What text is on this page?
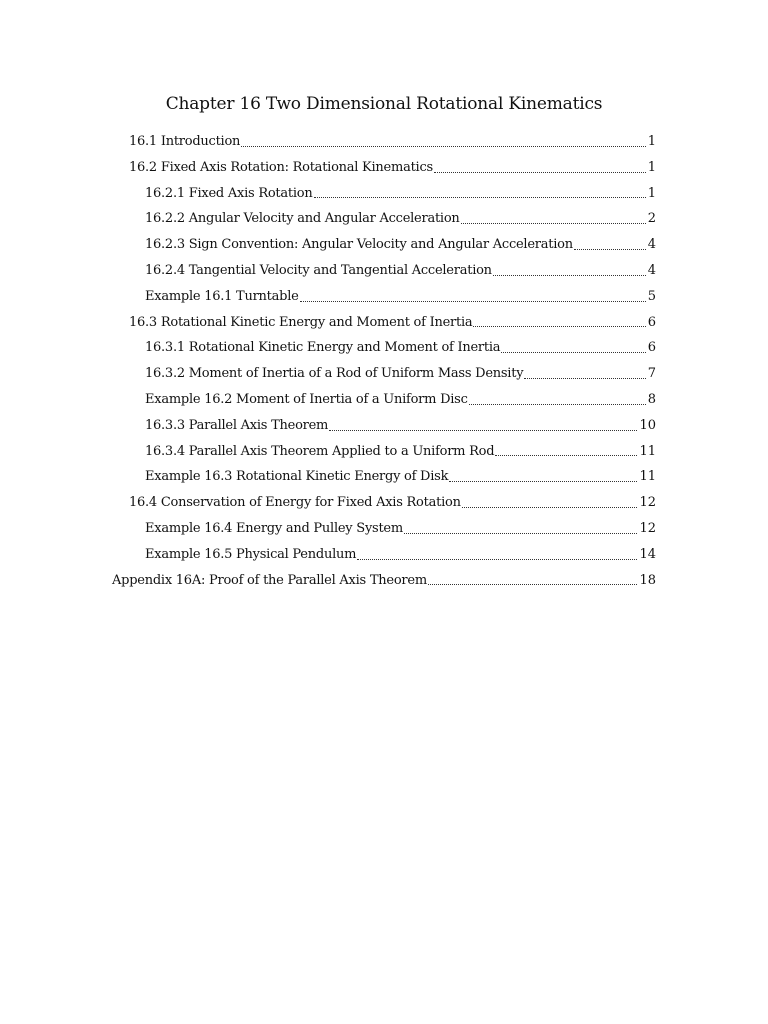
Chapter 16 Two Dimensional Rotational Kinematics
16.1 Introduction	1
16.2 Fixed Axis Rotation: Rotational Kinematics	1
16.2.1 Fixed Axis Rotation	1
16.2.2 Angular Velocity and Angular Acceleration	2
16.2.3 Sign Convention: Angular Velocity and Angular Acceleration	4
16.2.4 Tangential Velocity and Tangential Acceleration	4
Example 16.1 Turntable	5
16.3 Rotational Kinetic Energy and Moment of Inertia	6
16.3.1 Rotational Kinetic Energy and Moment of Inertia	6
16.3.2 Moment of Inertia of a Rod of Uniform Mass Density	7
Example 16.2 Moment of Inertia of a Uniform Disc	8
16.3.3 Parallel Axis Theorem	10
16.3.4 Parallel Axis Theorem Applied to a Uniform Rod	11
Example 16.3 Rotational Kinetic Energy of Disk	11
16.4 Conservation of Energy for Fixed Axis Rotation	12
Example 16.4 Energy and Pulley System	12
Example 16.5 Physical Pendulum	14
Appendix 16A: Proof of the Parallel Axis Theorem	18
